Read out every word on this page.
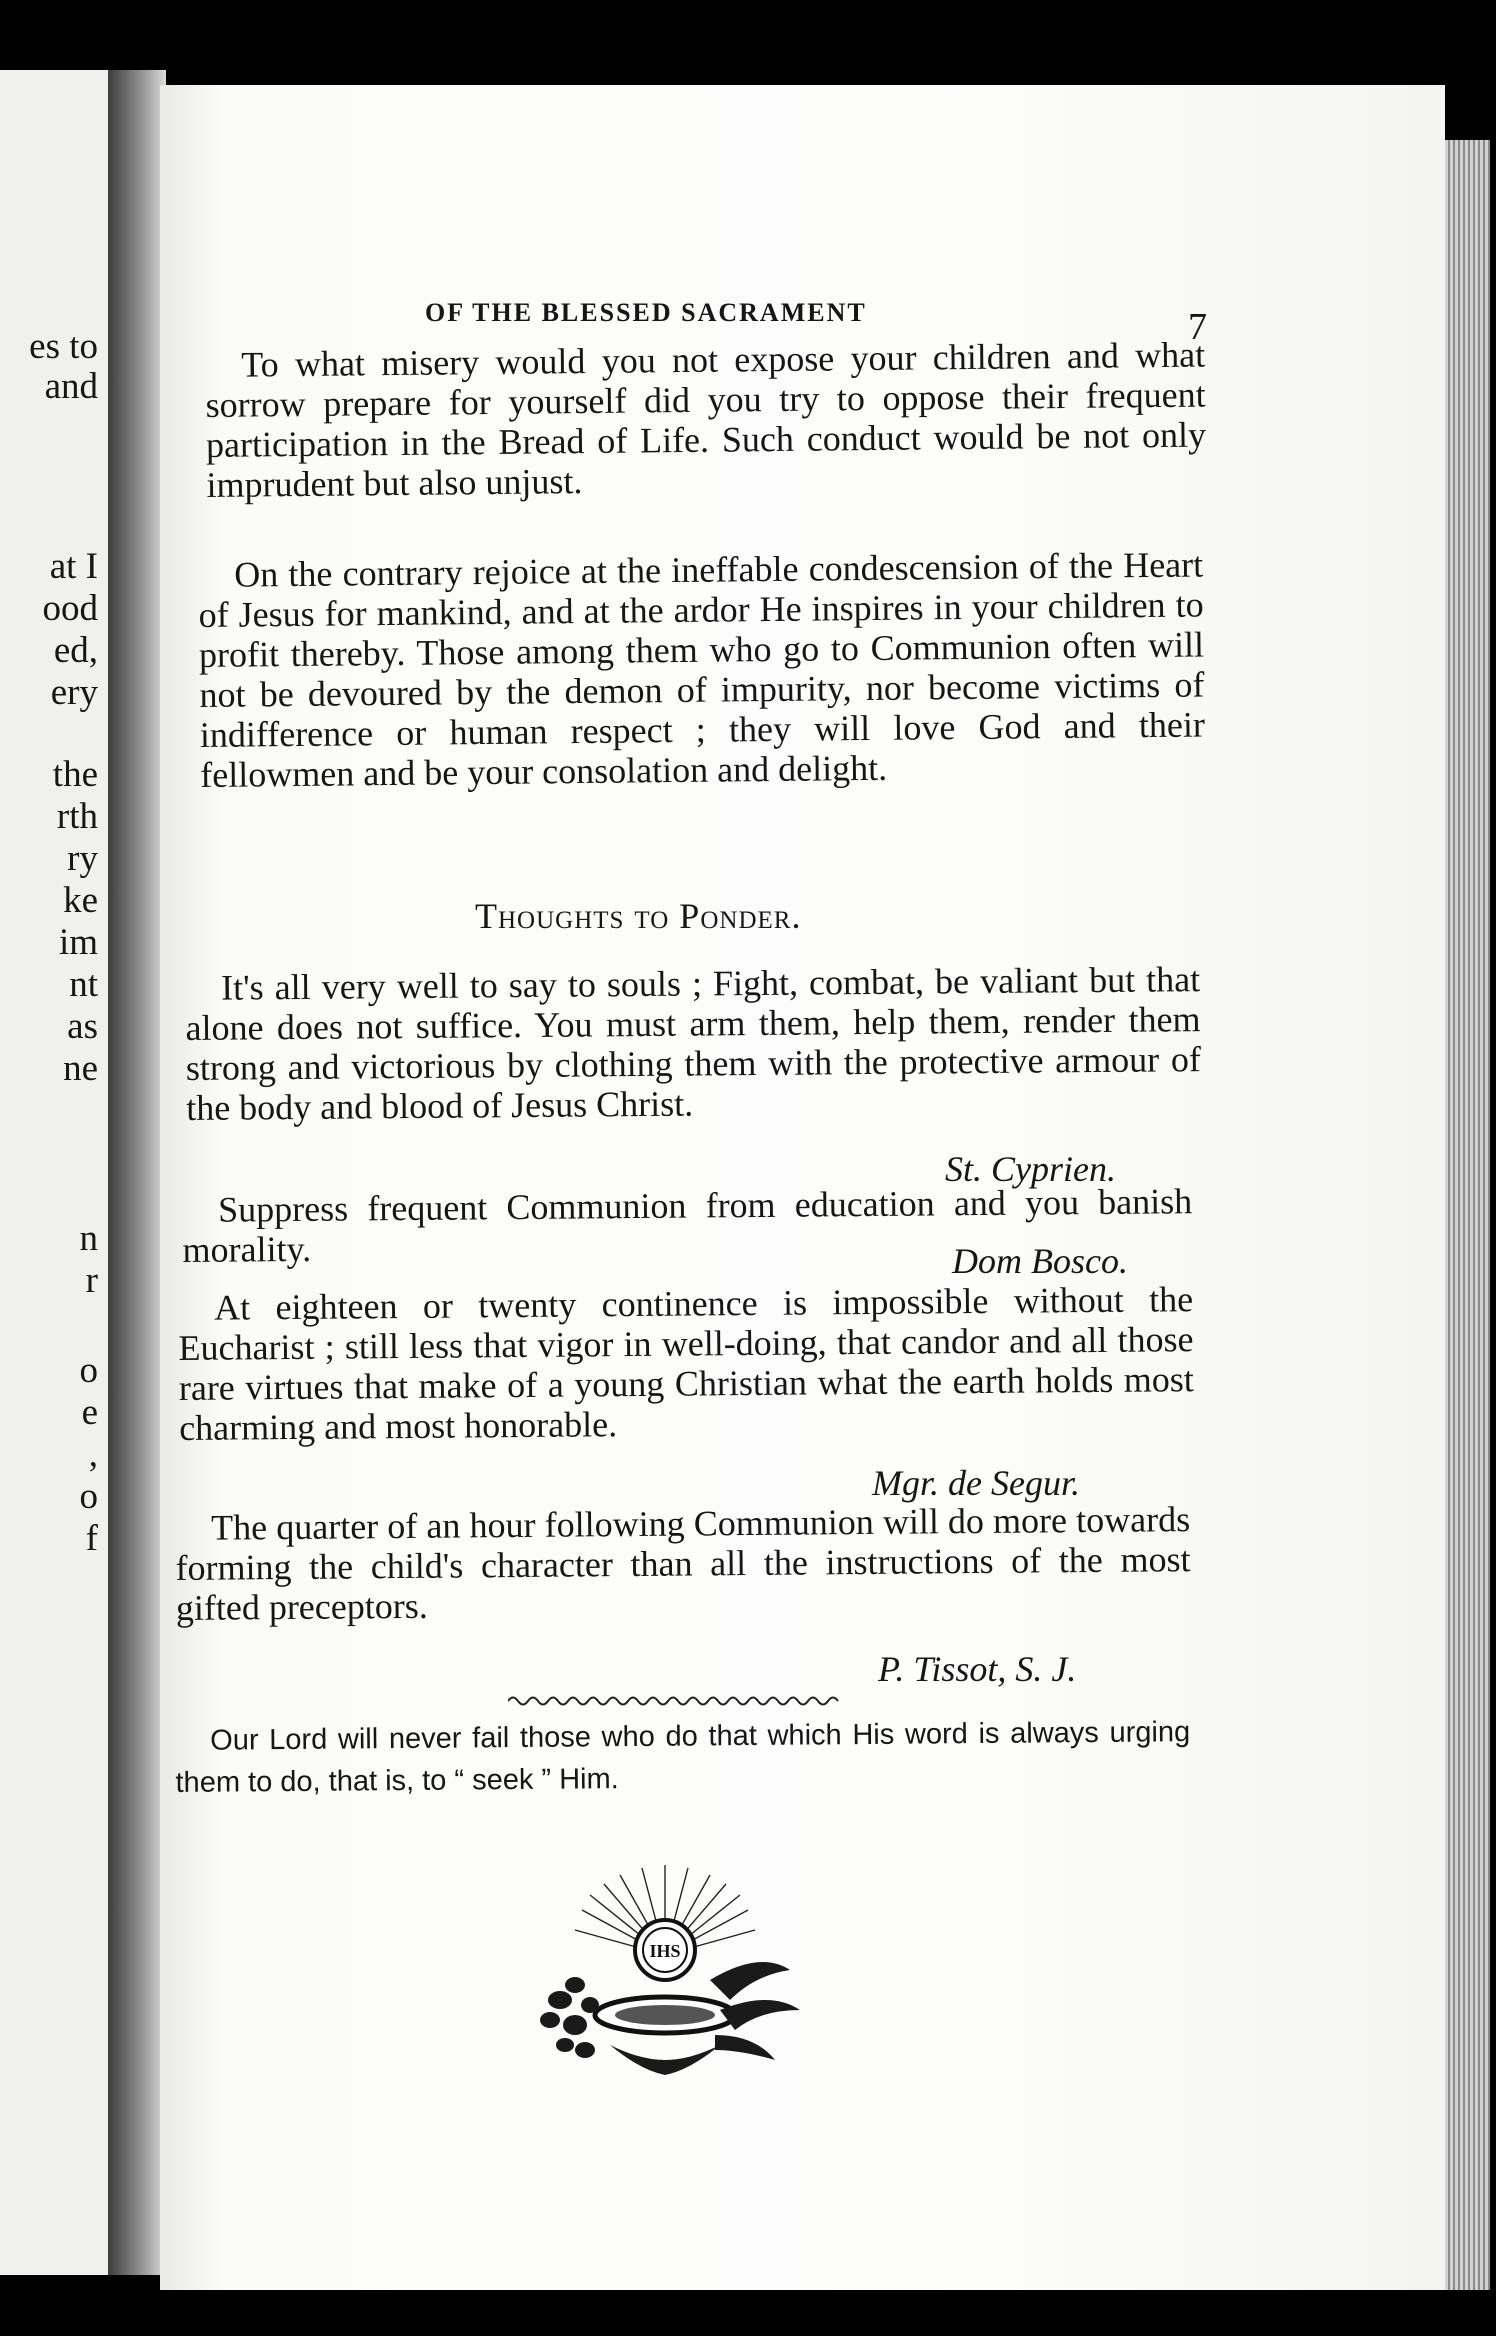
es to
and
at I
ood
ed,
ery
the
rth
ry
ke
im
nt
as
ne
n
r
o
e
,
o
f
OF THE BLESSED SACRAMENT	7

To what misery would you not expose your children and what sorrow prepare for yourself did you try to oppose their frequent participation in the Bread of Life. Such conduct would be not only imprudent but also unjust.

On the contrary rejoice at the ineffable condescension of the Heart of Jesus for mankind, and at the ardor He inspires in your children to profit thereby. Those among them who go to Communion often will not be devoured by the demon of impurity, nor become victims of indifference or human respect ; they will love God and their fellowmen and be your consolation and delight.

Thoughts to Ponder.

It's all very well to say to souls ; Fight, combat, be valiant but that alone does not suffice. You must arm them, help them, render them strong and victorious by clothing them with the protective armour of the body and blood of Jesus Christ.

St. Cyprien.

Suppress frequent Communion from education and you banish morality.	Dom Bosco.

At eighteen or twenty continence is impossible without the Eucharist ; still less that vigor in well-doing, that candor and all those rare virtues that make of a young Christian what the earth holds most charming and most honorable.

Mgr. de Segur.

The quarter of an hour following Communion will do more towards forming the child's character than all the instructions of the most gifted preceptors.

P. Tissot, S. J.

Our Lord will never fail those who do that which His word is always urging them to do, that is, to “ seek ” Him.

IHS
